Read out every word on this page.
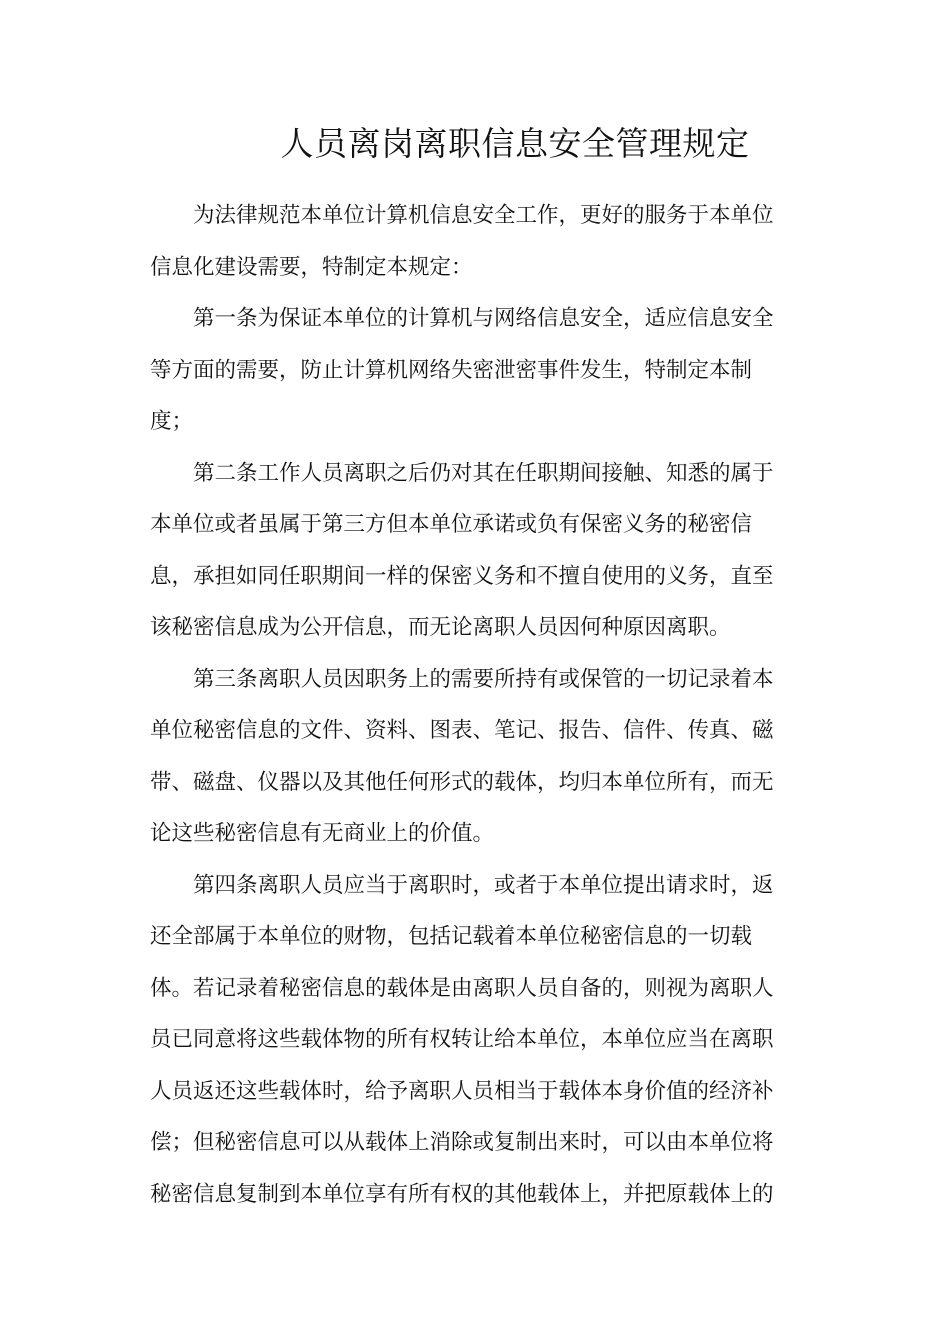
人员离岗离职信息安全管理规定
为法律规范本单位计算机信息安全工作，更好的服务于本单位
信息化建设需要，特制定本规定：
第一条为保证本单位的计算机与网络信息安全，适应信息安全
等方面的需要，防止计算机网络失密泄密事件发生，特制定本制
度；
第二条工作人员离职之后仍对其在任职期间接触、知悉的属于
本单位或者虽属于第三方但本单位承诺或负有保密义务的秘密信
息，承担如同任职期间一样的保密义务和不擅自使用的义务，直至
该秘密信息成为公开信息，而无论离职人员因何种原因离职。
第三条离职人员因职务上的需要所持有或保管的一切记录着本
单位秘密信息的文件、资料、图表、笔记、报告、信件、传真、磁
带、磁盘、仪器以及其他任何形式的载体，均归本单位所有，而无
论这些秘密信息有无商业上的价值。
第四条离职人员应当于离职时，或者于本单位提出请求时，返
还全部属于本单位的财物，包括记载着本单位秘密信息的一切载
体。若记录着秘密信息的载体是由离职人员自备的，则视为离职人
员已同意将这些载体物的所有权转让给本单位，本单位应当在离职
人员返还这些载体时，给予离职人员相当于载体本身价值的经济补
偿；但秘密信息可以从载体上消除或复制出来时，可以由本单位将
秘密信息复制到本单位享有所有权的其他载体上，并把原载体上的
